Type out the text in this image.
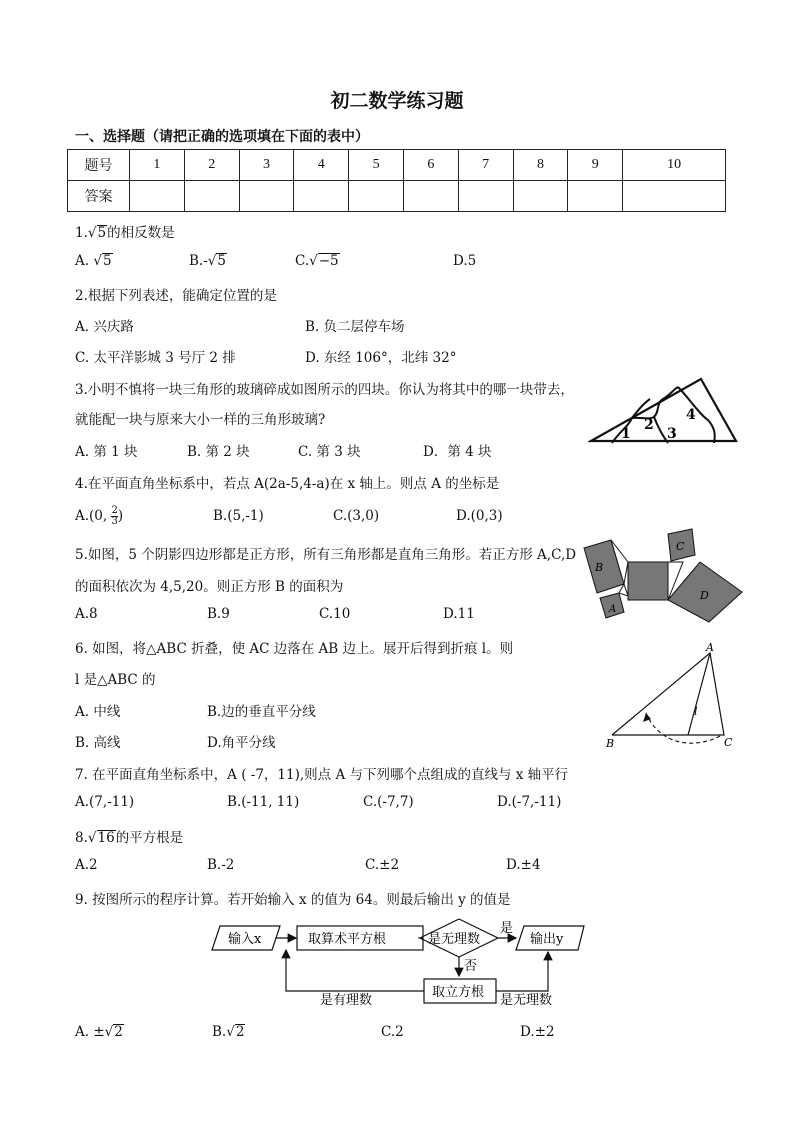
初二数学练习题
一、选择题（请把正确的选项填在下面的表中）
题号	1	2	3	4	5	6	7	8	9	10
答案										
1.√5的相反数是
A. √5	B.-√5	C.√−5	D.5
2.根据下列表述，能确定位置的是
A. 兴庆路	B. 负二层停车场
C. 太平洋影城 3 号厅 2 排	D. 东经 106°，北纬 32°
3.小明不慎将一块三角形的玻璃碎成如图所示的四块。你认为将其中的哪一块带去，
就能配一块与原来大小一样的三角形玻璃?
A. 第 1 块	B. 第 2 块	C. 第 3 块	D．第 4 块
1
2
3
4
4.在平面直角坐标系中，若点 A(2a-5,4-a)在 x 轴上。则点 A 的坐标是
A.(0, $\frac{2}{3}$ )	B.(5,-1)	C.(3,0)	D.(0,3)
5.如图，5 个阴影四边形都是正方形，所有三角形都是直角三角形。若正方形 A,C,D
的面积依次为 4,5,20。则正方形 B 的面积为
A.8	B.9	C.10	D.11
B
A
C
D
6. 如图，将△ABC 折叠，使 AC 边落在 AB 边上。展开后得到折痕 l。则
l 是△ABC 的
A. 中线	B.边的垂直平分线
B. 高线	D.角平分线
A
B	C
l
7. 在平面直角坐标系中，A ( -7，11),则点 A 与下列哪个点组成的直线与 x 轴平行
A.(7,-11)	B.(-11, 11)	C.(-7,7)	D.(-7,-11)
8.√16的平方根是
A.2	B.-2	C.±2	D.±4
9. 按图所示的程序计算。若开始输入 x 的值为 64。则最后输出 y 的值是
输入x	取算术平方根	是无理数
是
输出y
否
取立方根
是有理数	是无理数
A. ±√2	B.√2	C.2	D.±2
